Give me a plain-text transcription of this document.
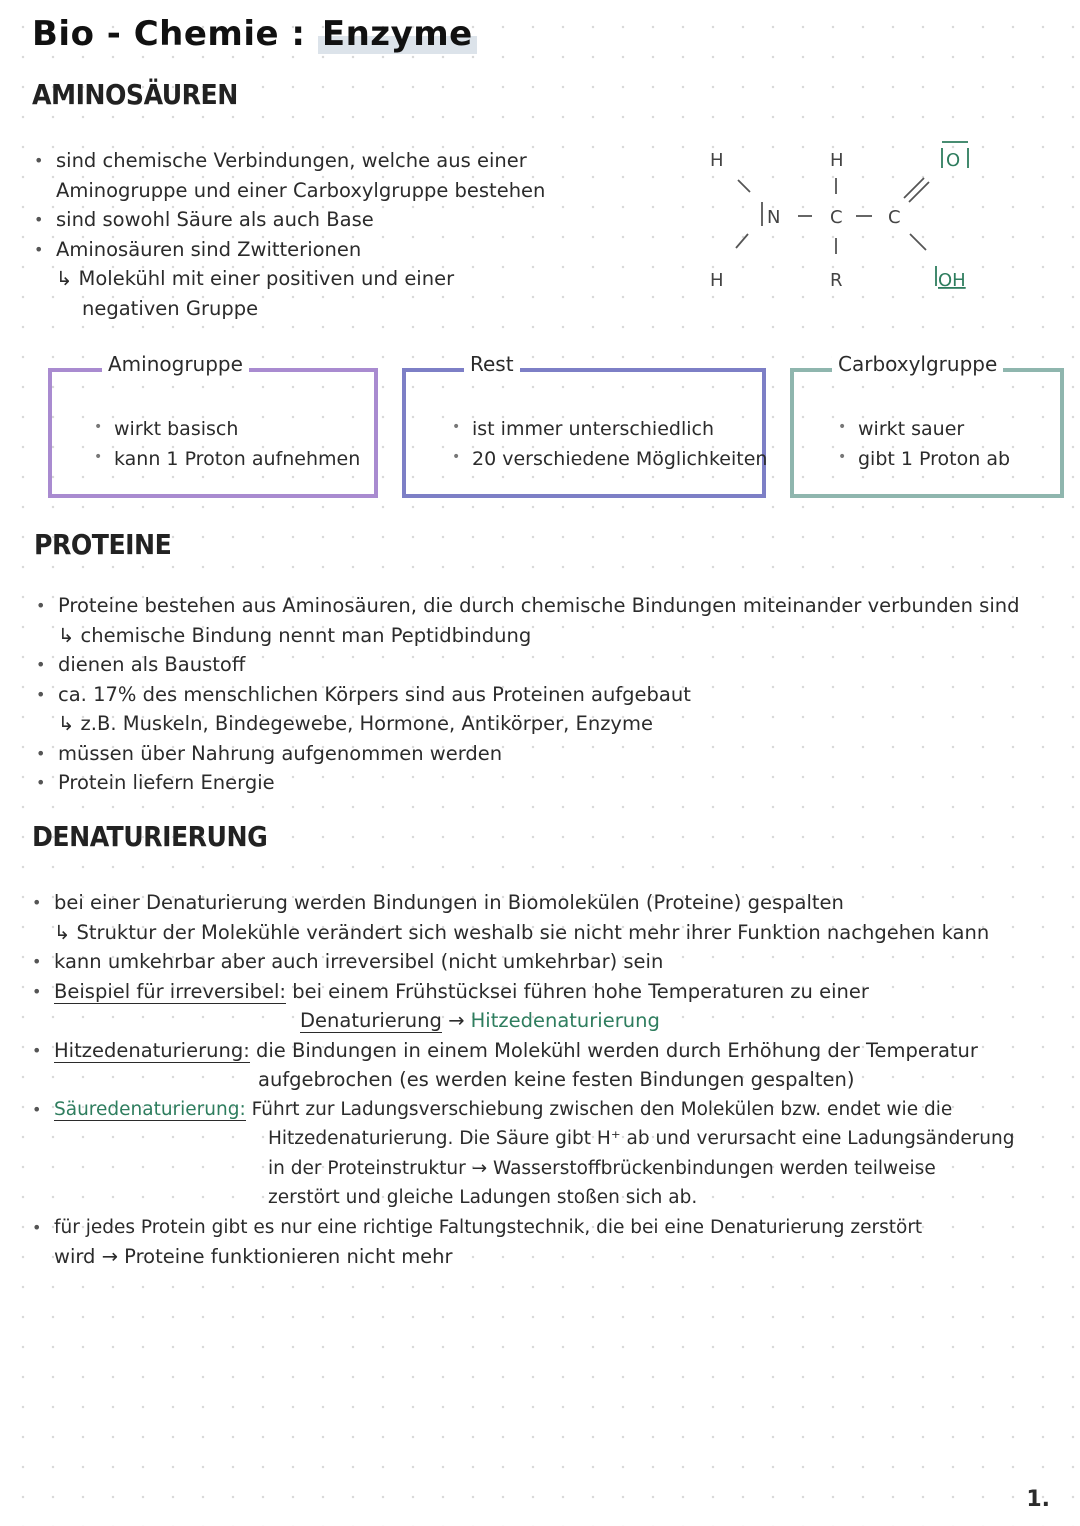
Bio - Chemie : Enzyme
AMINOSÄUREN
• sind chemische Verbindungen, welche aus einer
Aminogruppe und einer Carboxylgruppe bestehen
• sind sowohl Säure als auch Base
• Aminosäuren sind Zwitterionen
↳ Molekühl mit einer positiven und einer
negativen Gruppe
H
H
N
H
C
R
C
O
OH
Aminogruppe
• wirkt basisch
• kann 1 Proton aufnehmen
Rest
• ist immer unterschiedlich
• 20 verschiedene Möglichkeiten
Carboxylgruppe
• wirkt sauer
• gibt 1 Proton ab
PROTEINE
• Proteine bestehen aus Aminosäuren, die durch chemische Bindungen miteinander verbunden sind
↳ chemische Bindung nennt man Peptidbindung
• dienen als Baustoff
• ca. 17% des menschlichen Körpers sind aus Proteinen aufgebaut
↳ z.B. Muskeln, Bindegewebe, Hormone, Antikörper, Enzyme
• müssen über Nahrung aufgenommen werden
• Protein liefern Energie
DENATURIERUNG
• bei einer Denaturierung werden Bindungen in Biomolekülen (Proteine) gespalten
↳ Struktur der Molekühle verändert sich weshalb sie nicht mehr ihrer Funktion nachgehen kann
• kann umkehrbar aber auch irreversibel (nicht umkehrbar) sein
• Beispiel für irreversibel: bei einem Frühstücksei führen hohe Temperaturen zu einer
Denaturierung → Hitzedenaturierung
• Hitzedenaturierung: die Bindungen in einem Molekühl werden durch Erhöhung der Temperatur
aufgebrochen (es werden keine festen Bindungen gespalten)
• Säuredenaturierung: Führt zur Ladungsverschiebung zwischen den Molekülen bzw. endet wie die
Hitzedenaturierung. Die Säure gibt H⁺ ab und verursacht eine Ladungsänderung
in der Proteinstruktur → Wasserstoffbrückenbindungen werden teilweise
zerstört und gleiche Ladungen stoßen sich ab.
• für jedes Protein gibt es nur eine richtige Faltungstechnik, die bei eine Denaturierung zerstört
wird → Proteine funktionieren nicht mehr
1.
